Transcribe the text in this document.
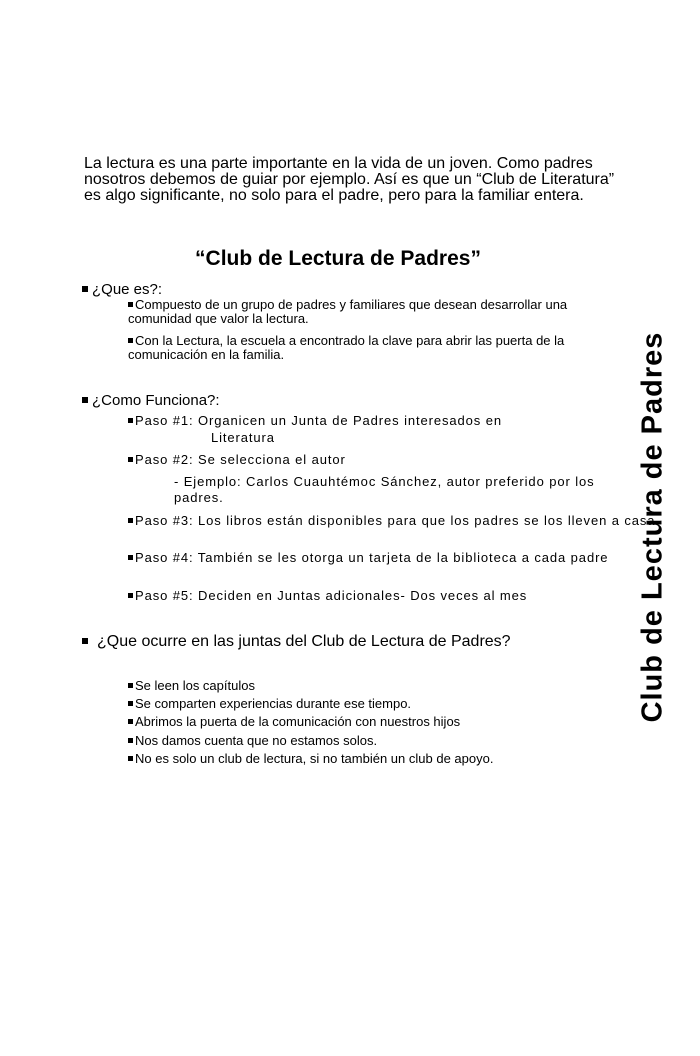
La lectura es una parte importante en la vida de un joven. Como padres nosotros debemos de guiar por ejemplo. Así es que un “Club de Literatura” es algo significante, no solo para el padre, pero para la familiar entera.

“Club de Lectura de Padres”

¿Que es?:

Compuesto de un grupo de padres y familiares que desean desarrollar una comunidad que valor la lectura.

Con la Lectura, la escuela a encontrado la clave para abrir las puerta de la comunicación en la familia.

¿Como Funciona?:

Paso #1: Organicen un Junta de Padres interesados en

Literatura

Paso #2: Se selecciona el autor

- Ejemplo: Carlos Cuauhtémoc Sánchez, autor preferido por los padres.

Paso #3: Los libros están disponibles para que los padres se los lleven a casa.

Paso #4: También se les otorga un tarjeta de la biblioteca a cada padre

Paso #5: Deciden en Juntas adicionales- Dos veces al mes

¿Que ocurre en las juntas del Club de Lectura de Padres?

Se leen los capítulos

Se comparten experiencias durante ese tiempo.

Abrimos la puerta de la comunicación con nuestros hijos

Nos damos cuenta que no estamos solos.

No es solo un club de lectura, si no también un club de apoyo.

Club de Lectura de Padres
